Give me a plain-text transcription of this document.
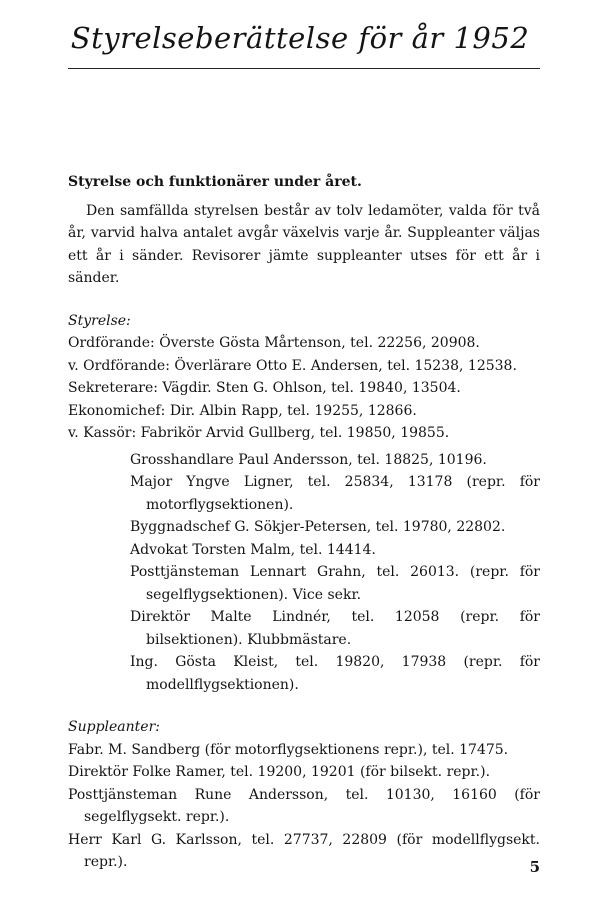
Styrelseberättelse för år 1952

Styrelse och funktionärer under året.

Den samfällda styrelsen består av tolv ledamöter, valda för två år, varvid halva antalet avgår växelvis varje år. Suppleanter väljas ett år i sänder. Revisorer jämte suppleanter utses för ett år i sänder.

Styrelse:

Ordförande: Överste Gösta Mårtenson, tel. 22256, 20908.
v. Ordförande: Överlärare Otto E. Andersen, tel. 15238, 12538.
Sekreterare: Vägdir. Sten G. Ohlson, tel. 19840, 13504.
Ekonomichef: Dir. Albin Rapp, tel. 19255, 12866.
v. Kassör: Fabrikör Arvid Gullberg, tel. 19850, 19855.
Grosshandlare Paul Andersson, tel. 18825, 10196.
Major Yngve Ligner, tel. 25834, 13178 (repr. för motorflygsektionen).
Byggnadschef G. Sökjer-Petersen, tel. 19780, 22802.
Advokat Torsten Malm, tel. 14414.
Posttjänsteman Lennart Grahn, tel. 26013. (repr. för segelflygsektionen). Vice sekr.
Direktör Malte Lindnér, tel. 12058 (repr. för bilsektionen). Klubbmästare.
Ing. Gösta Kleist, tel. 19820, 17938 (repr. för modellflygsektionen).

Suppleanter:

Fabr. M. Sandberg (för motorflygsektionens repr.), tel. 17475.
Direktör Folke Ramer, tel. 19200, 19201 (för bilsekt. repr.).
Posttjänsteman Rune Andersson, tel. 10130, 16160 (för segelflygsekt. repr.).
Herr Karl G. Karlsson, tel. 27737, 22809 (för modellflygsekt. repr.).	5
